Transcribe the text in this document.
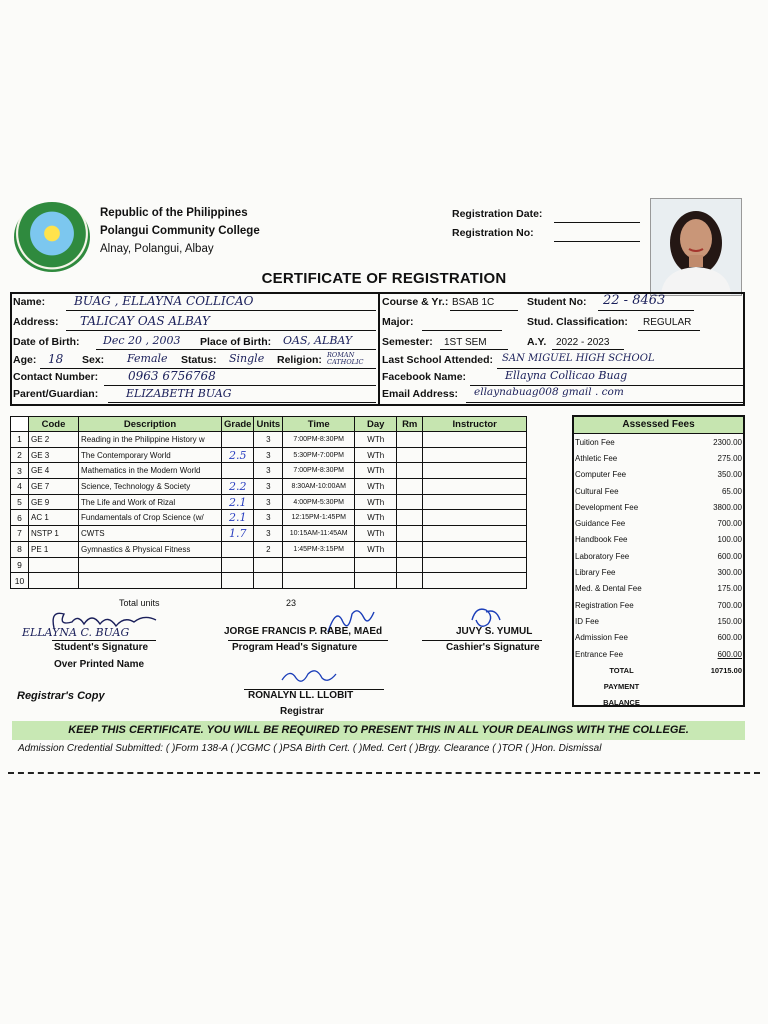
Republic of the Philippines
Polangui Community College
Alnay, Polangui, Albay
Registration Date:
Registration No:
CERTIFICATE OF REGISTRATION
Name: BUAG , ELLAYNA COLLICAO
Address: TALICAY OAS ALBAY
Date of Birth: Dec 20 , 2003 Place of Birth: OAS, ALBAY
Age: 18 Sex: Female Status: Single Religion: ROMAN CATHOLIC
Contact Number: 0963 6756768
Parent/Guardian:	ELIZABETH BUAG
Course & Yr.: BSAB 1C	Student No: 22 - 8463
Major:	Stud. Classification: REGULAR
Semester: 1ST SEM	A.Y. 2022 - 2023
Last School Attended: SAN MIGUEL HIGH SCHOOL
Facebook Name:	Ellayna Collicao Buag
Email Address: ellaynabuag008 gmail . com
	Code	Description	Grade	Units	Time	Day	Rm	Instructor
1	GE 2	Reading in the Philippine History w		3	7:00PM-8:30PM	WTh		
2	GE 3	The Contemporary World	2.5	3	5:30PM-7:00PM	WTh		
3	GE 4	Mathematics in the Modern World		3	7:00PM-8:30PM	WTh		
4	GE 7	Science, Technology & Society	2.2	3	8:30AM-10:00AM	WTh		
5	GE 9	The Life and Work of Rizal	2.1	3	4:00PM-5:30PM	WTh		
6	AC 1	Fundamentals of Crop Science (w/	2.1	3	12:15PM-1:45PM	WTh		
7	NSTP 1	CWTS	1.7	3	10:15AM-11:45AM	WTh		
8	PE 1	Gymnastics & Physical Fitness		2	1:45PM-3:15PM	WTh		
9								
10								
Total units	23
Assessed Fees
Tuition Fee	2300.00
Athletic Fee	275.00
Computer Fee	350.00
Cultural Fee	65.00
Development Fee	3800.00
Guidance Fee	700.00
Handbook Fee	100.00
Laboratory Fee	600.00
Library Fee	300.00
Med. & Dental Fee	175.00
Registration Fee	700.00
ID Fee	150.00
Admission Fee	600.00
Entrance Fee	600.00
TOTAL	10715.00
PAYMENT
BALANCE
ELLAYNA C. BUAG
Student's Signature
Over Printed Name
JORGE FRANCIS P. RABE, MAEd
Program Head's Signature
JUVY S. YUMUL
Cashier's Signature
RONALYN LL. LLOBIT
Registrar
Registrar's Copy
KEEP THIS CERTIFICATE. YOU WILL BE REQUIRED TO PRESENT THIS IN ALL YOUR DEALINGS WITH THE COLLEGE.
Admission Credential Submitted: ( )Form 138-A ( )CGMC ( )PSA Birth Cert. ( )Med. Cert ( )Brgy. Clearance ( )TOR ( )Hon. Dismissal
